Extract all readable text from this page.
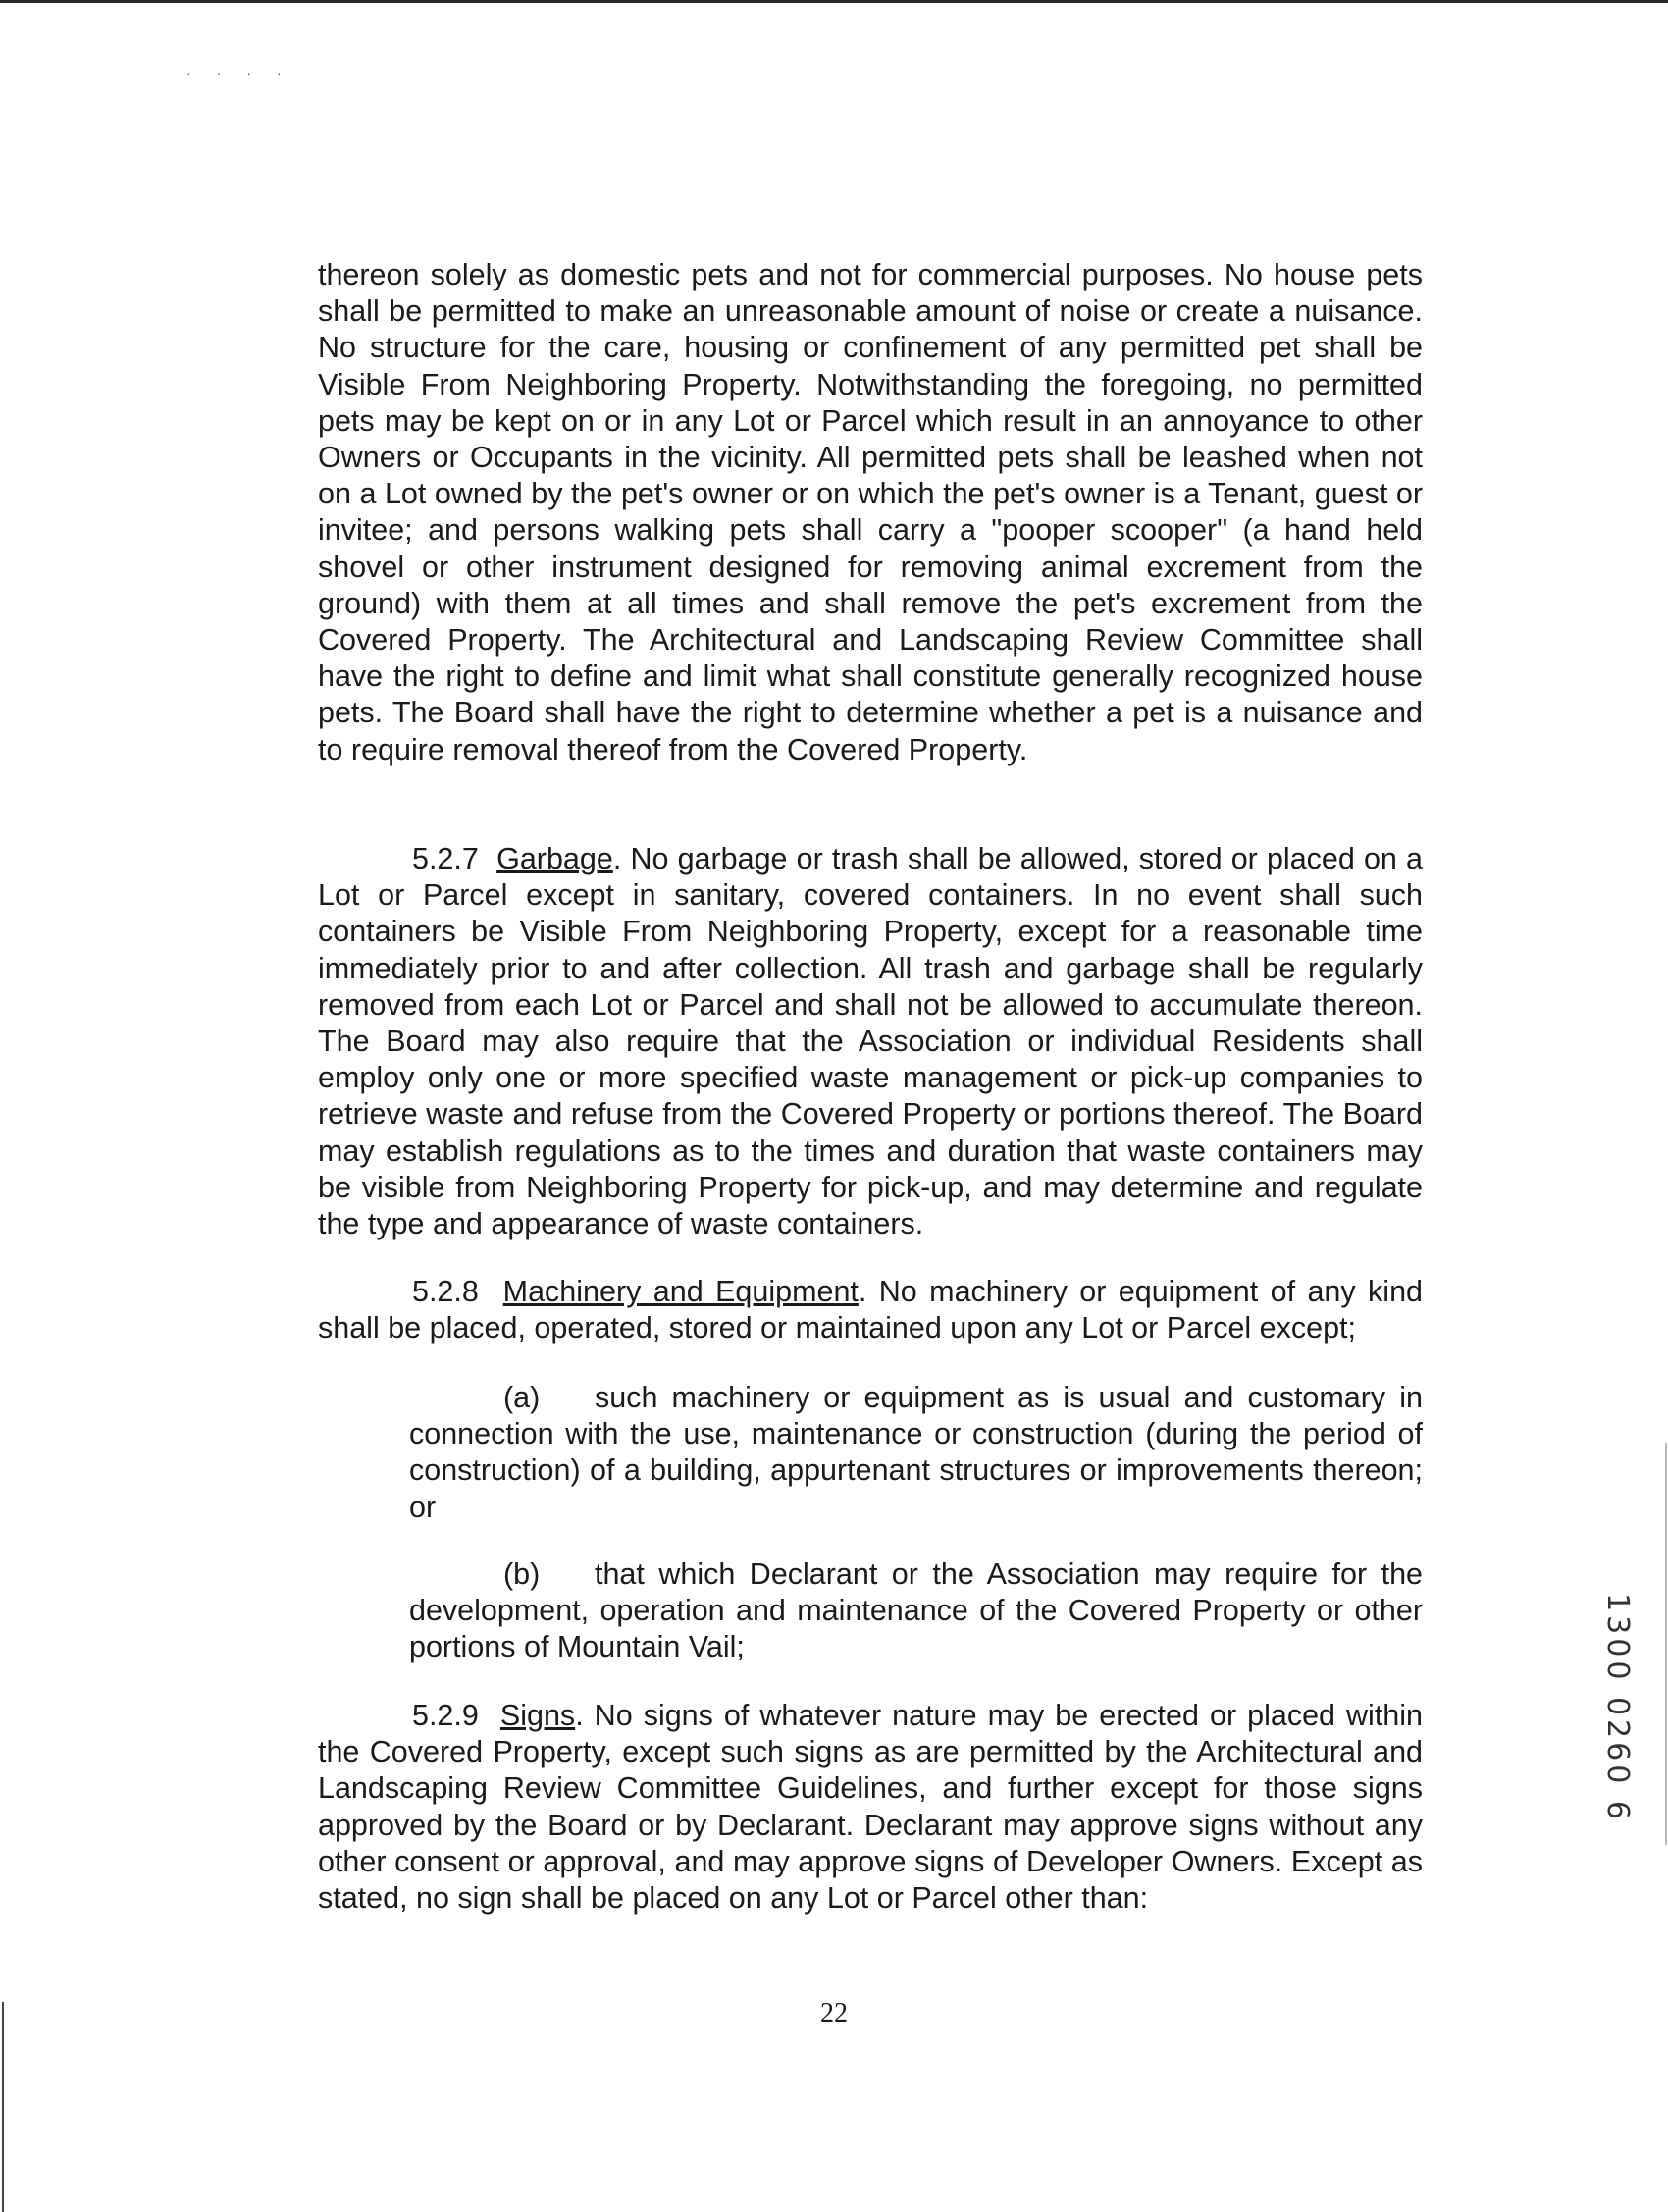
·​·​·​·

thereon solely as domestic pets and not for commercial purposes. No house pets shall be permitted to make an unreasonable amount of noise or create a nuisance. No structure for the care, housing or confinement of any permitted pet shall be Visible From Neighboring Property. Notwithstanding the foregoing, no permitted pets may be kept on or in any Lot or Parcel which result in an annoyance to other Owners or Occupants in the vicinity. All permitted pets shall be leashed when not on a Lot owned by the pet's owner or on which the pet's owner is a Tenant, guest or invitee; and persons walking pets shall carry a "pooper scooper" (a hand held shovel or other instrument designed for removing animal excrement from the ground) with them at all times and shall remove the pet's excrement from the Covered Property. The Architectural and Landscaping Review Committee shall have the right to define and limit what shall constitute generally recognized house pets. The Board shall have the right to determine whether a pet is a nuisance and to require removal thereof from the Covered Property.

5.2.7 Garbage. No garbage or trash shall be allowed, stored or placed on a Lot or Parcel except in sanitary, covered containers. In no event shall such containers be Visible From Neighboring Property, except for a reasonable time immediately prior to and after collection. All trash and garbage shall be regularly removed from each Lot or Parcel and shall not be allowed to accumulate thereon. The Board may also require that the Association or individual Residents shall employ only one or more specified waste management or pick-up companies to retrieve waste and refuse from the Covered Property or portions thereof. The Board may establish regulations as to the times and duration that waste containers may be visible from Neighboring Property for pick-up, and may determine and regulate the type and appearance of waste containers.

5.2.8 Machinery and Equipment. No machinery or equipment of any kind shall be placed, operated, stored or maintained upon any Lot or Parcel except;

(a) such machinery or equipment as is usual and customary in connection with the use, maintenance or construction (during the period of construction) of a building, appurtenant structures or improvements thereon; or

(b) that which Declarant or the Association may require for the development, operation and maintenance of the Covered Property or other portions of Mountain Vail;

5.2.9 Signs. No signs of whatever nature may be erected or placed within the Covered Property, except such signs as are permitted by the Architectural and Landscaping Review Committee Guidelines, and further except for those signs approved by the Board or by Declarant. Declarant may approve signs without any other consent or approval, and may approve signs of Developer Owners. Except as stated, no sign shall be placed on any Lot or Parcel other than:

22
1300 0260 6
